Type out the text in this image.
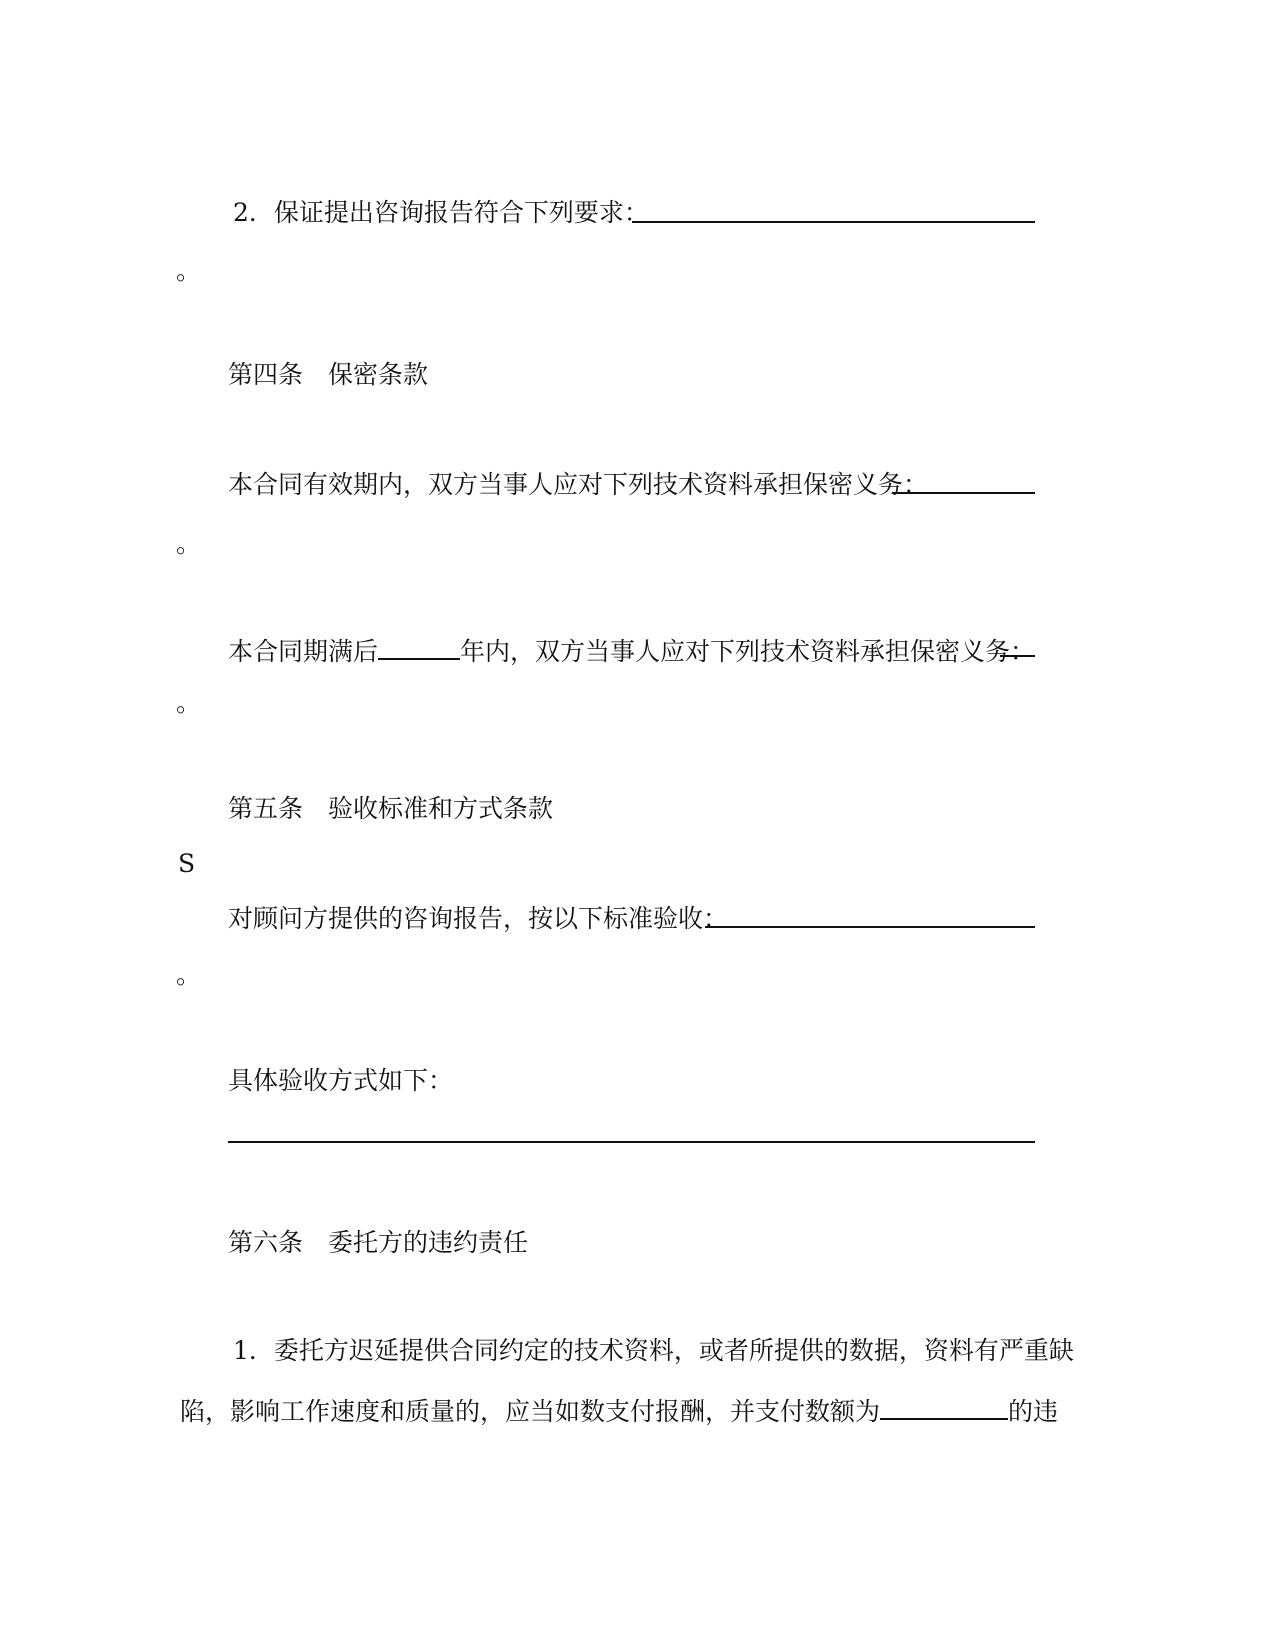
2．保证提出咨询报告符合下列要求：
。
第四条　保密条款
本合同有效期内，双方当事人应对下列技术资料承担保密义务：
。
本合同期满后	年内，双方当事人应对下列技术资料承担保密义务：
。
第五条　验收标准和方式条款
S
对顾问方提供的咨询报告，按以下标准验收：
。
具体验收方式如下：
第六条　委托方的违约责任
1．委托方迟延提供合同约定的技术资料，或者所提供的数据，资料有严重缺
陷，影响工作速度和质量的，应当如数支付报酬，并支付数额为	的违
